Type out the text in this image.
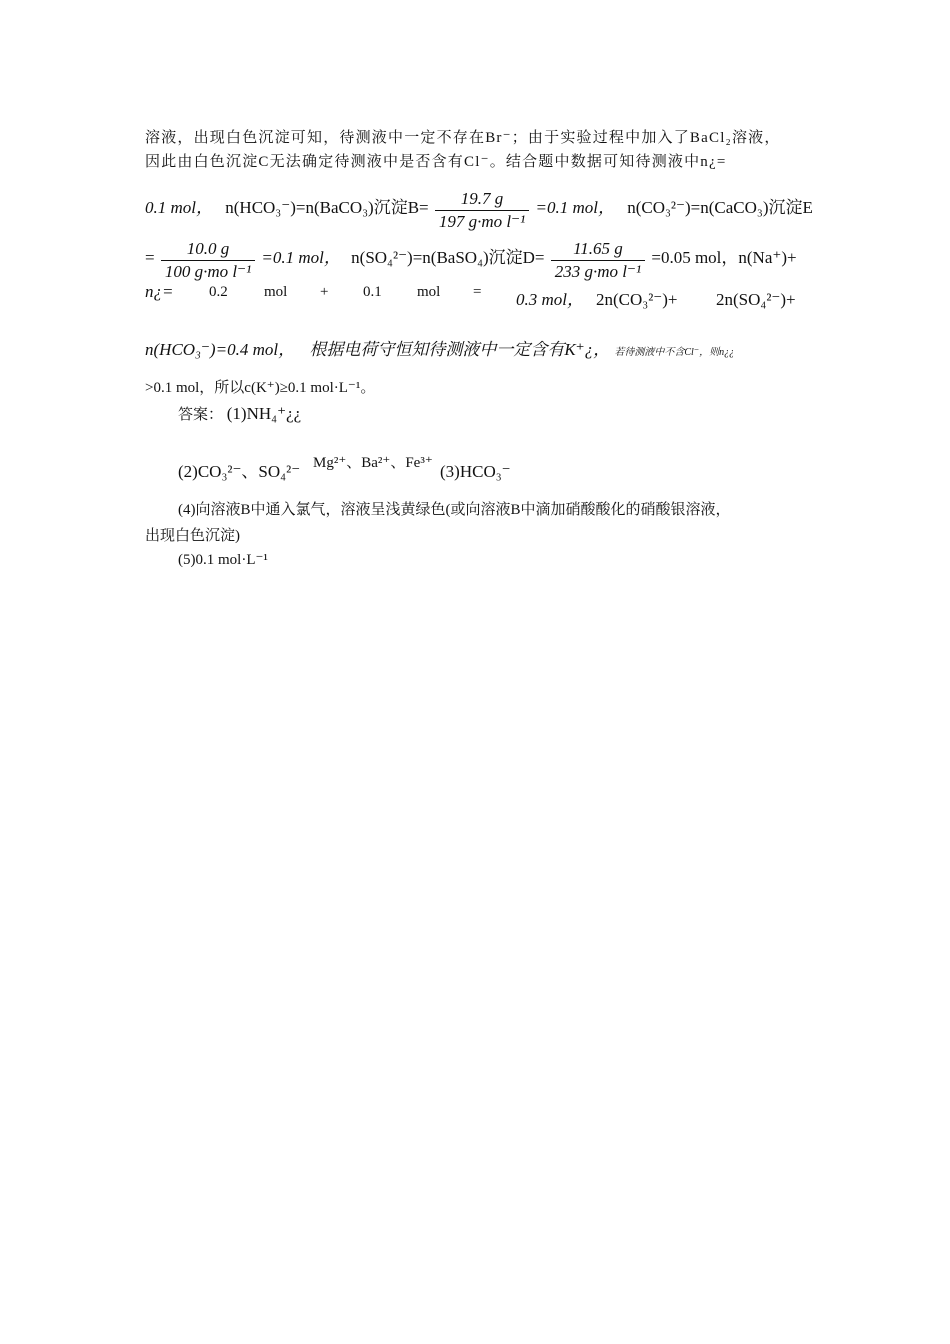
溶液，出现白色沉淀可知，待测液中一定不存在Br⁻；由于实验过程中加入了BaCl₂溶液，
因此由白色沉淀C无法确定待测液中是否含有Cl⁻。结合题中数据可知待测液中n¿=
0.1 mol， n(HCO₃⁻)=n(BaCO₃)沉淀$B= \frac{19.7 g}{\text{197 g·mo l⁻¹}} =0.1$ mol， n(CO₃²⁻)=n(CaCO₃)沉淀E
= $\frac{10.0 g}{\text{100 g·mo l⁻¹}} =0.1$ mol， n(SO₄²⁻)=n(BaSO₄)沉淀$D= \frac{11.65 g}{\text{233 g·mo l⁻¹}} =0.05$ mol，n(Na⁺)+
n¿= 0.2 mol + 0.1 mol = 0.3 mol， 2n(CO₃²⁻)+ 2n(SO₄²⁻)+
n(HCO₃⁻)=0.4 mol， 根据电荷守恒知待测液中一定含有K⁺¿， 若待测液中不含Cl⁻，则n¿¿
>0.1 mol，所以c(K⁺)≥0.1 mol·L⁻¹。
答案： (1)NH₄⁺¿¿
(2)CO₃²⁻、SO₄²⁻ Mg²⁺、Ba²⁺、Fe³⁺ (3)HCO₃⁻
(4)向溶液B中通入氯气，溶液呈浅黄绿色(或向溶液B中滴加硝酸酸化的硝酸银溶液，
出现白色沉淀)
(5)0.1 mol·L⁻¹
